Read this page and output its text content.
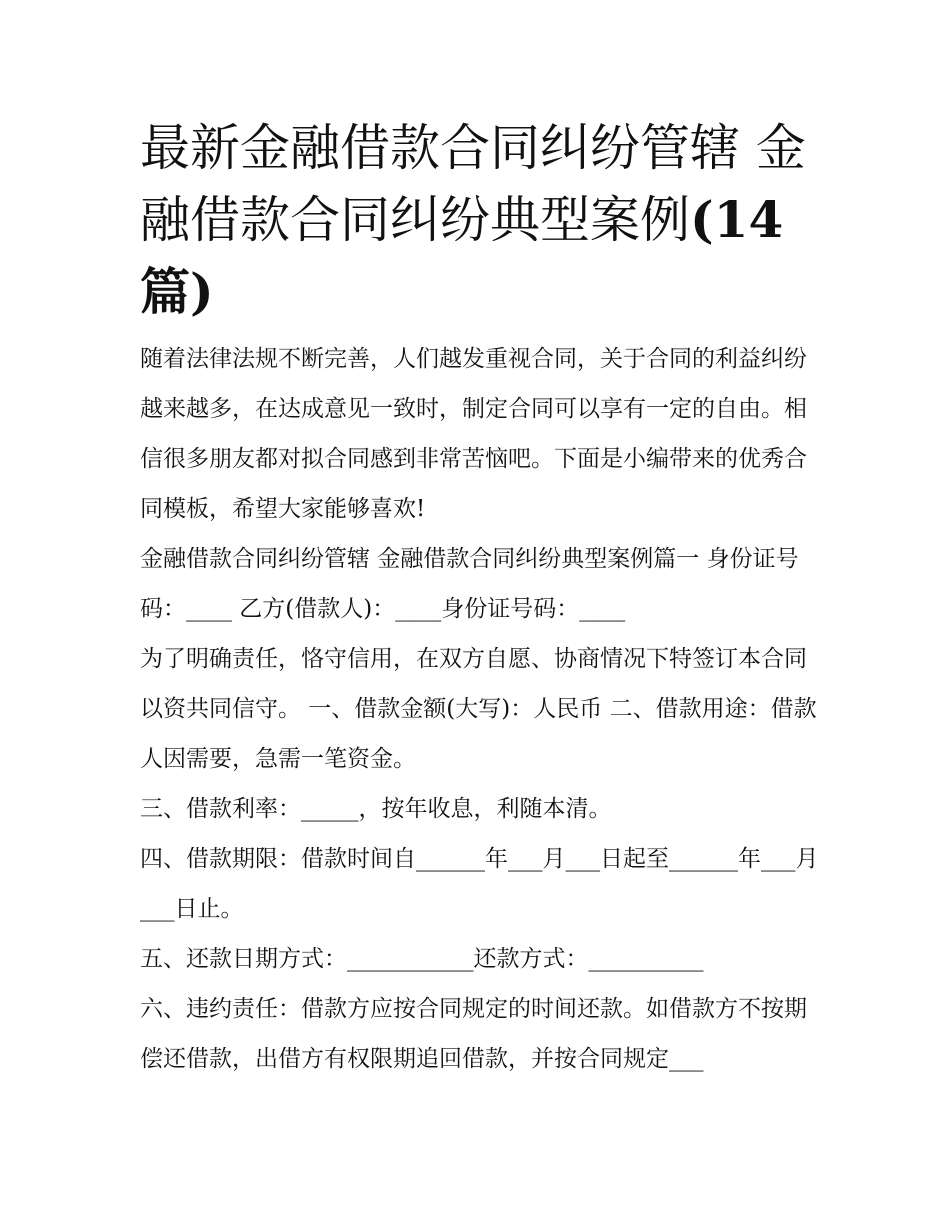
最新金融借款合同纠纷管辖 金融借款合同纠纷典型案例(14篇)

随着法律法规不断完善，人们越发重视合同，关于合同的利益纠纷越来越多，在达成意见一致时，制定合同可以享有一定的自由。相信很多朋友都对拟合同感到非常苦恼吧。下面是小编带来的优秀合同模板，希望大家能够喜欢!

金融借款合同纠纷管辖 金融借款合同纠纷典型案例篇一 身份证号码：____ 乙方(借款人)：____身份证号码：____

为了明确责任，恪守信用，在双方自愿、协商情况下特签订本合同以资共同信守。 一、借款金额(大写)：人民币 二、借款用途：借款人因需要，急需一笔资金。

三、借款利率：_____，按年收息，利随本清。

四、借款期限：借款时间自______年___月___日起至______年___月___日止。

五、还款日期方式：___________还款方式：__________

六、违约责任：借款方应按合同规定的时间还款。如借款方不按期偿还借款，出借方有权限期追回借款，并按合同规定___
